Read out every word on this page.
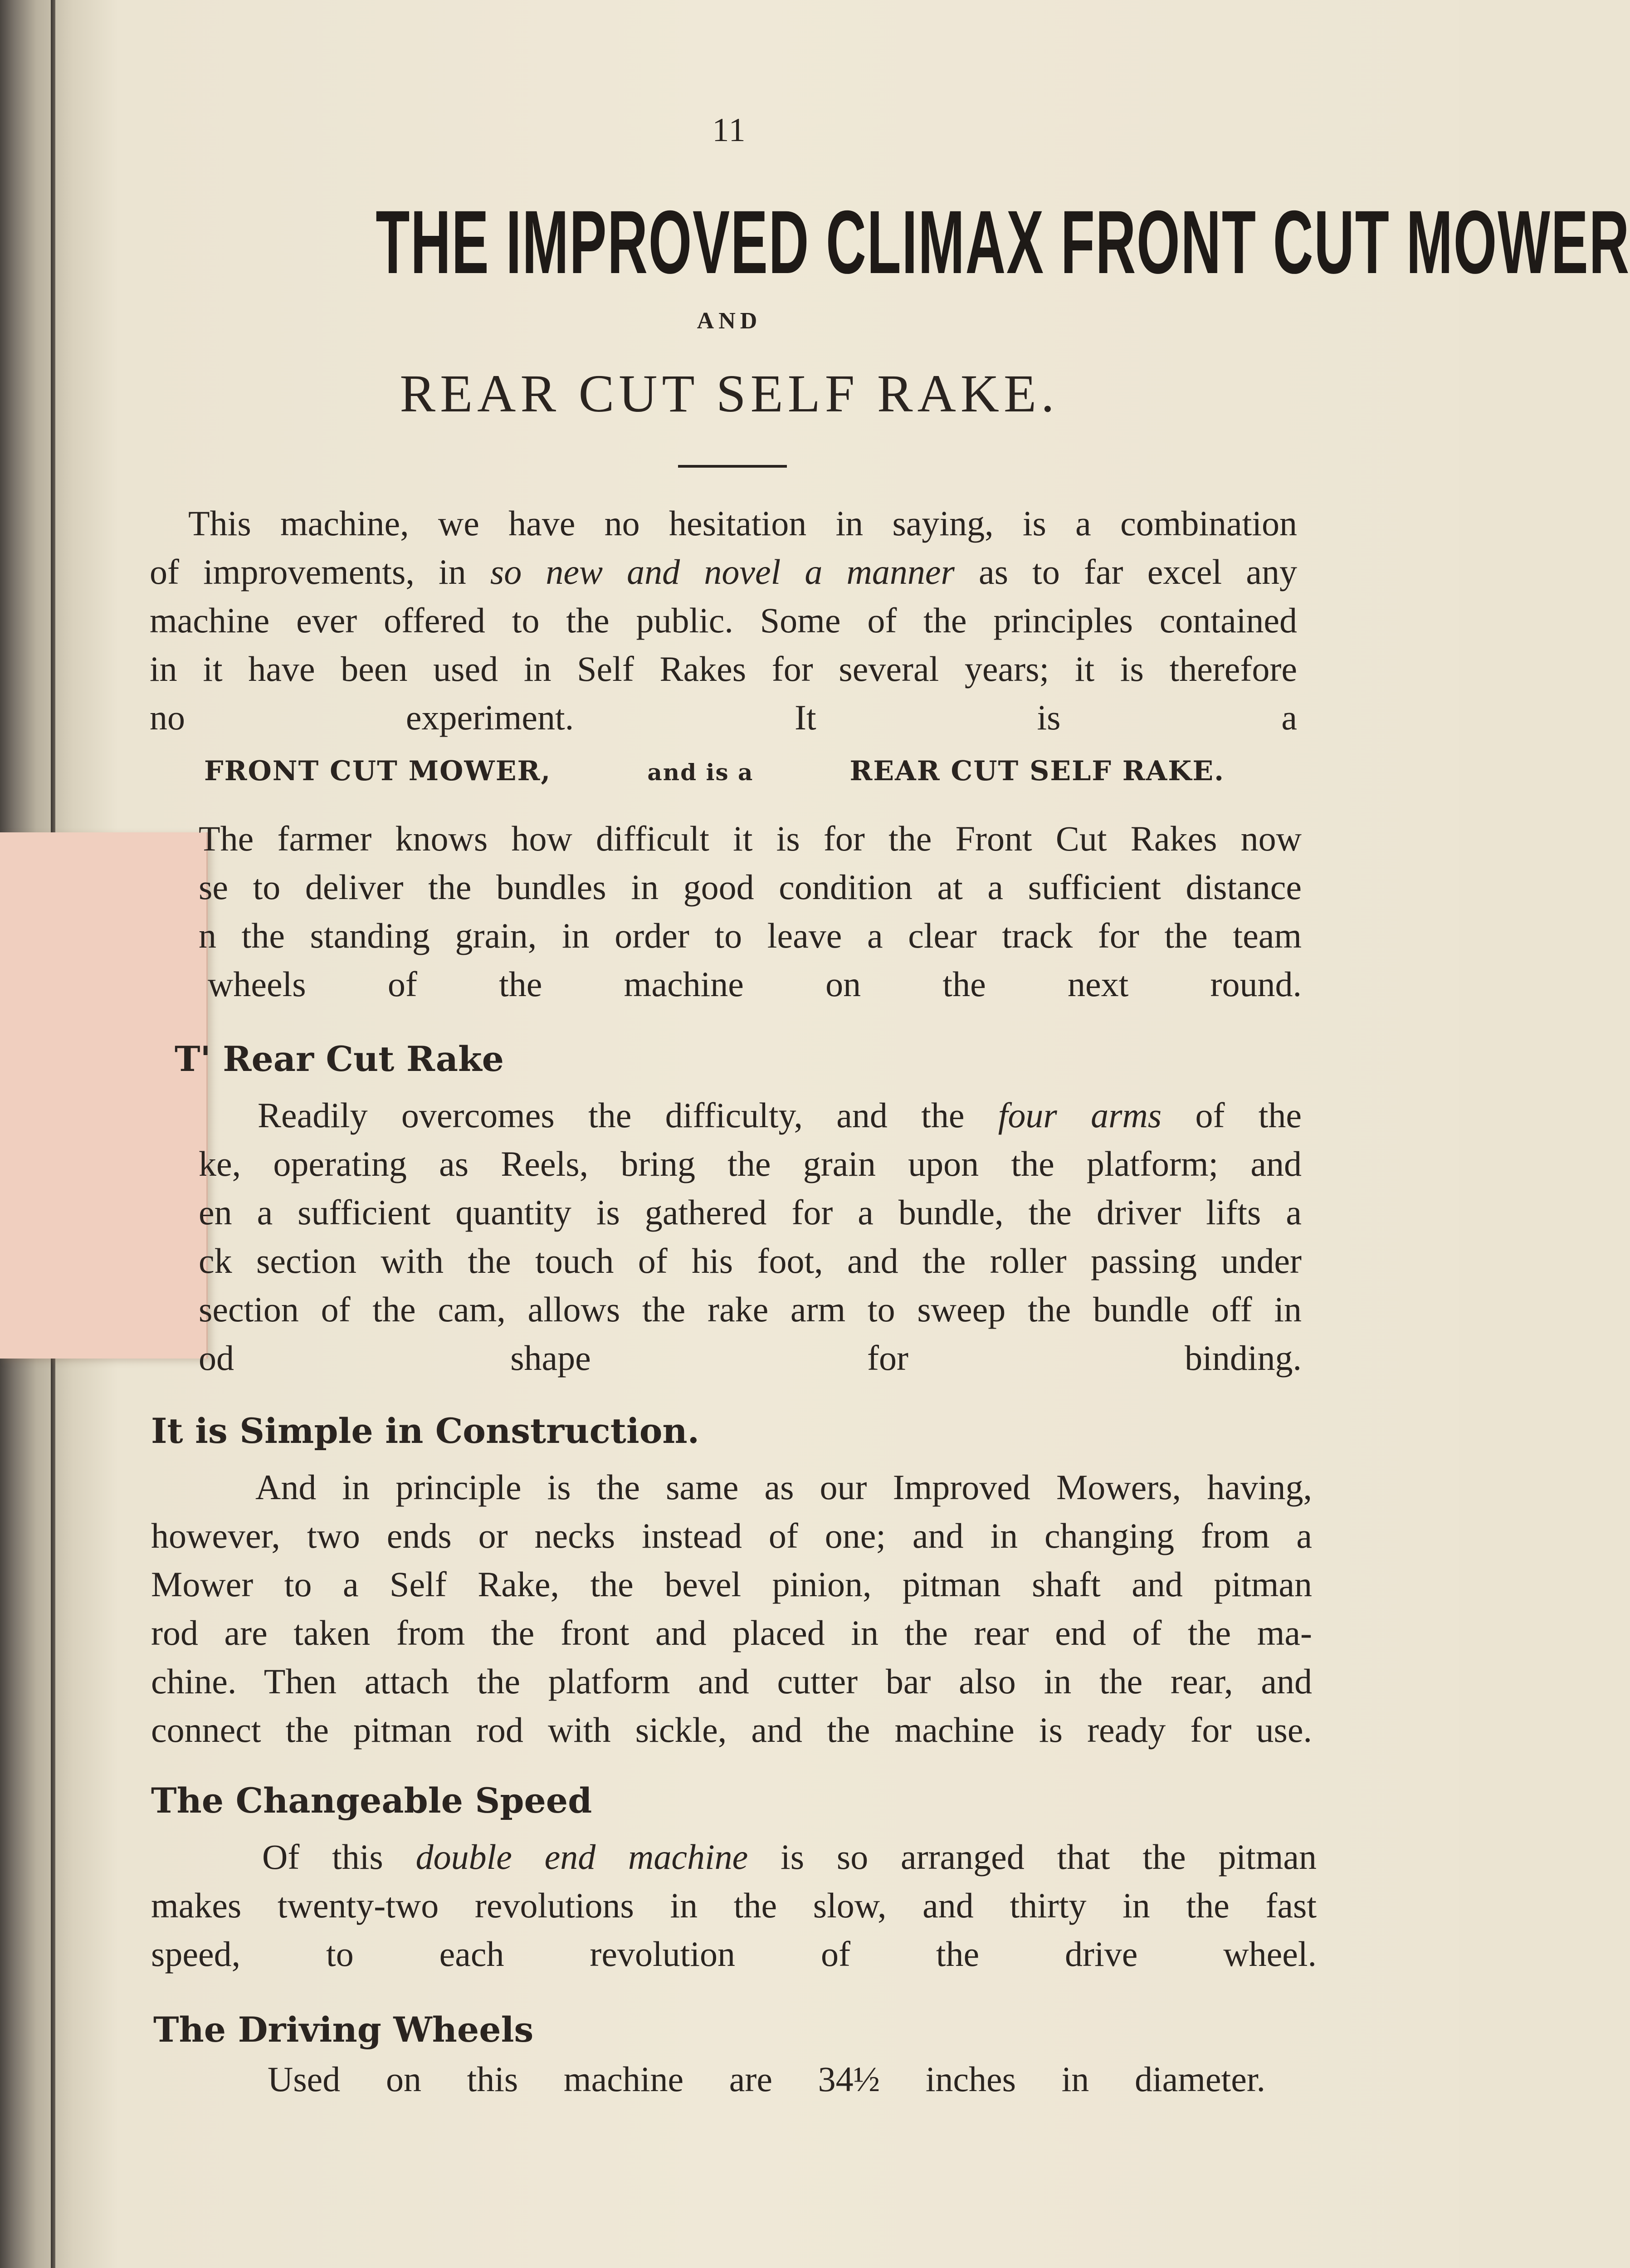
11
THE IMPROVED CLIMAX FRONT CUT MOWER
AND
REAR CUT SELF RAKE.
This machine, we have no hesitation in saying, is a combination
of improvements, in so new and novel a manner as to far excel any
machine ever offered to the public. Some of the principles contained
in it have been used in Self Rakes for several years; it is therefore
no experiment. It is a
FRONT CUT MOWER,	and is a	REAR CUT SELF RAKE.
The farmer knows how difficult it is for the Front Cut Rakes now
se to deliver the bundles in good condition at a sufficient distance
n the standing grain, in order to leave a clear track for the team
wheels of the machine on the next round.
T' Rear Cut Rake
Readily overcomes the difficulty, and the four arms of the
ke, operating as Reels, bring the grain upon the platform; and
en a sufficient quantity is gathered for a bundle, the driver lifts a
ck section with the touch of his foot, and the roller passing under
section of the cam, allows the rake arm to sweep the bundle off in
od shape for binding.
It is Simple in Construction.
And in principle is the same as our Improved Mowers, having,
however, two ends or necks instead of one; and in changing from a
Mower to a Self Rake, the bevel pinion, pitman shaft and pitman
rod are taken from the front and placed in the rear end of the ma-
chine. Then attach the platform and cutter bar also in the rear, and
connect the pitman rod with sickle, and the machine is ready for use.
The Changeable Speed
Of this double end machine is so arranged that the pitman
makes twenty-two revolutions in the slow, and thirty in the fast
speed, to each revolution of the drive wheel.
The Driving Wheels
Used on this machine are 34½ inches in diameter.
